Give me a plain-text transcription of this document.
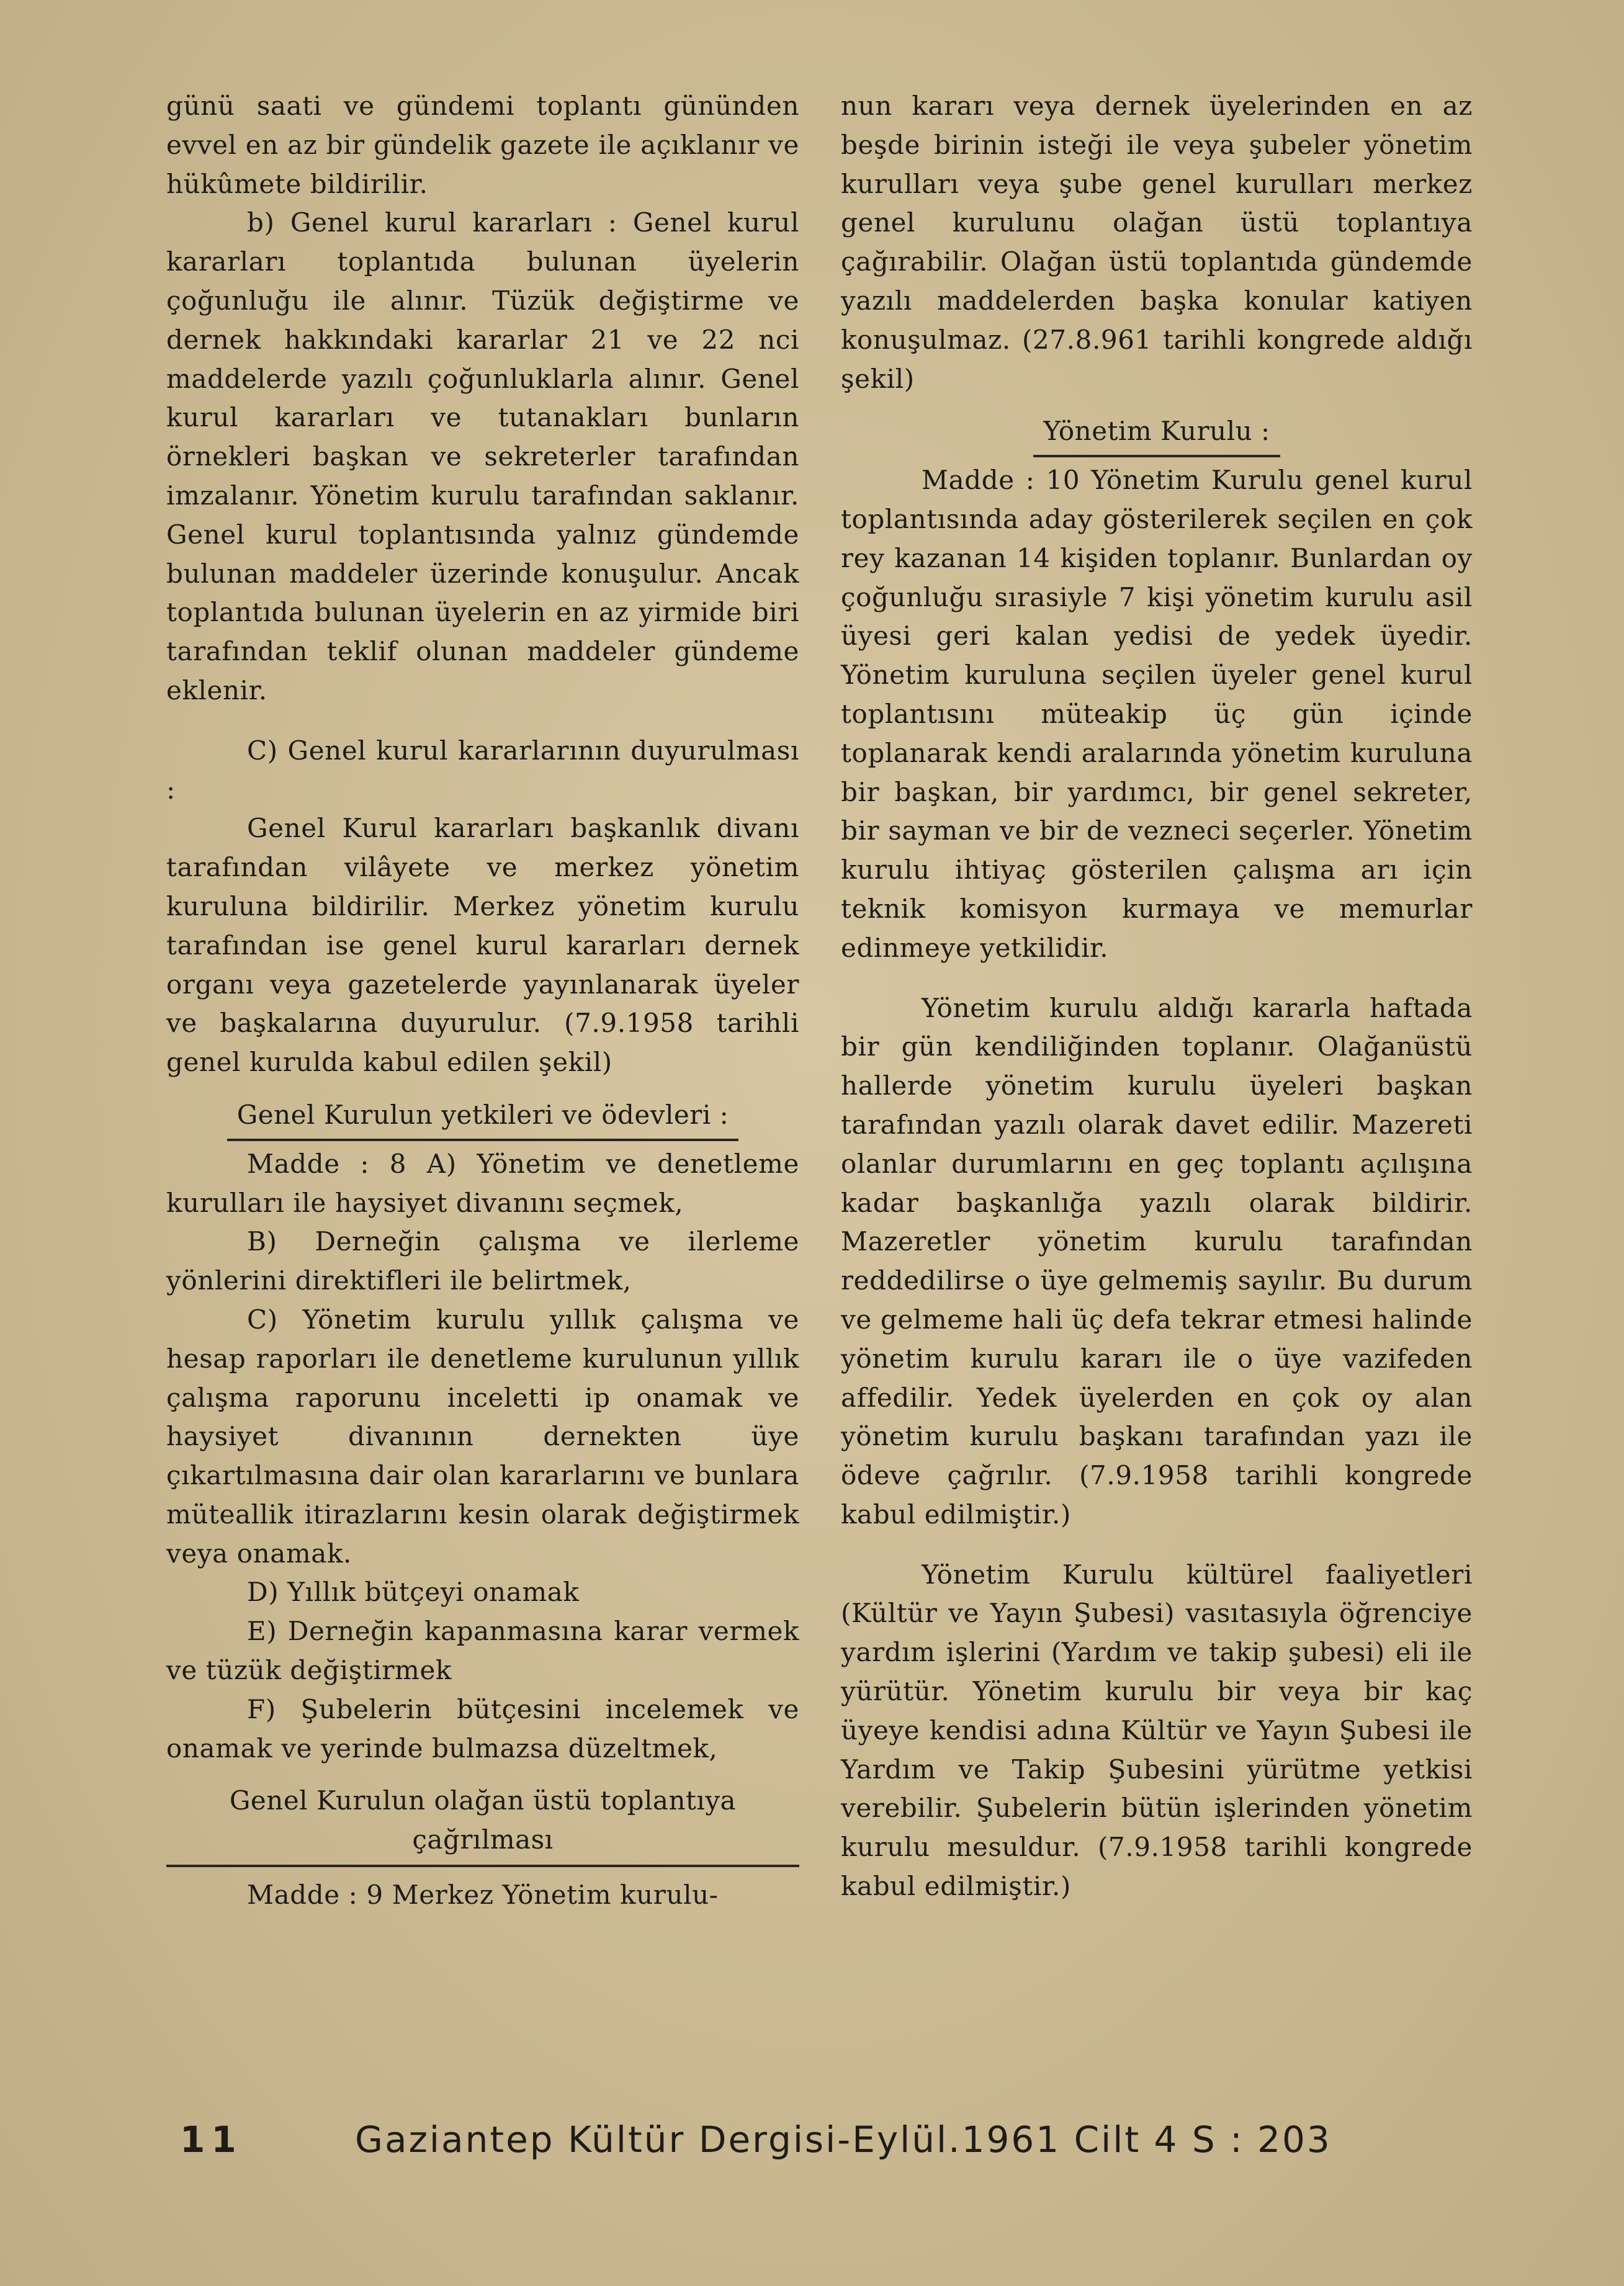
günü saati ve gündemi toplantı gününden evvel en az bir gündelik gazete ile açıklanır ve hükûmete bildirilir.

b) Genel kurul kararları : Genel kurul kararları toplantıda bulunan üyelerin çoğunluğu ile alınır. Tüzük değiştirme ve dernek hakkındaki kararlar 21 ve 22 nci maddelerde yazılı çoğunluklarla alınır. Genel kurul kararları ve tutanakları bunların örnekleri başkan ve sekreterler tarafından imzalanır. Yönetim kurulu tarafından saklanır. Genel kurul toplantısında yalnız gündemde bulunan maddeler üzerinde konuşulur. Ancak toplantıda bulunan üyelerin en az yirmide biri tarafından teklif olunan maddeler gündeme eklenir.

C) Genel kurul kararlarının duyurulması :

Genel Kurul kararları başkanlık divanı tarafından vilâyete ve merkez yönetim kuruluna bildirilir. Merkez yönetim kurulu tarafından ise genel kurul kararları dernek organı veya gazetelerde yayınlanarak üyeler ve başkalarına duyurulur. (7.9.1958 tarihli genel kurulda kabul edilen şekil)

Genel Kurulun yetkileri ve ödevleri :

Madde : 8 A) Yönetim ve denetleme kurulları ile haysiyet divanını seçmek,

B) Derneğin çalışma ve ilerleme yönlerini direktifleri ile belirtmek,

C) Yönetim kurulu yıllık çalışma ve hesap raporları ile denetleme kurulunun yıllık çalışma raporunu inceletti ip onamak ve haysiyet divanının dernekten üye çıkartılmasına dair olan kararlarını ve bunlara müteallik itirazlarını kesin olarak değiştirmek veya onamak.

D) Yıllık bütçeyi onamak

E) Derneğin kapanmasına karar vermek ve tüzük değiştirmek

F) Şubelerin bütçesini incelemek ve onamak ve yerinde bulmazsa düzeltmek,

Genel Kurulun olağan üstü toplantıya çağrılması

Madde : 9 Merkez Yönetim kurulu-

nun kararı veya dernek üyelerinden en az beşde birinin isteği ile veya şubeler yönetim kurulları veya şube genel kurulları merkez genel kurulunu olağan üstü toplantıya çağırabilir. Olağan üstü toplantıda gündemde yazılı maddelerden başka konular katiyen konuşulmaz. (27.8.961 tarihli kongrede aldığı şekil)

Yönetim Kurulu :

Madde : 10 Yönetim Kurulu genel kurul toplantısında aday gösterilerek seçilen en çok rey kazanan 14 kişiden toplanır. Bunlardan oy çoğunluğu sırasiyle 7 kişi yönetim kurulu asil üyesi geri kalan yedisi de yedek üyedir. Yönetim kuruluna seçilen üyeler genel kurul toplantısını müteakip üç gün içinde toplanarak kendi aralarında yönetim kuruluna bir başkan, bir yardımcı, bir genel sekreter, bir sayman ve bir de vezneci seçerler. Yönetim kurulu ihtiyaç gösterilen çalışma arı için teknik komisyon kurmaya ve memurlar edinmeye yetkilidir.

Yönetim kurulu aldığı kararla haftada bir gün kendiliğinden toplanır. Olağanüstü hallerde yönetim kurulu üyeleri başkan tarafından yazılı olarak davet edilir. Mazereti olanlar durumlarını en geç toplantı açılışına kadar başkanlığa yazılı olarak bildirir. Mazeretler yönetim kurulu tarafından reddedilirse o üye gelmemiş sayılır. Bu durum ve gelmeme hali üç defa tekrar etmesi halinde yönetim kurulu kararı ile o üye vazifeden affedilir. Yedek üyelerden en çok oy alan yönetim kurulu başkanı tarafından yazı ile ödeve çağrılır. (7.9.1958 tarihli kongrede kabul edilmiştir.)

Yönetim Kurulu kültürel faaliyetleri (Kültür ve Yayın Şubesi) vasıtasıyla öğrenciye yardım işlerini (Yardım ve takip şubesi) eli ile yürütür. Yönetim kurulu bir veya bir kaç üyeye kendisi adına Kültür ve Yayın Şubesi ile Yardım ve Takip Şubesini yürütme yetkisi verebilir. Şubelerin bütün işlerinden yönetim kurulu mesuldur. (7.9.1958 tarihli kongrede kabul edilmiştir.)

11	Gaziantep Kültür Dergisi-Eylül.1961 Cilt 4 S : 203
